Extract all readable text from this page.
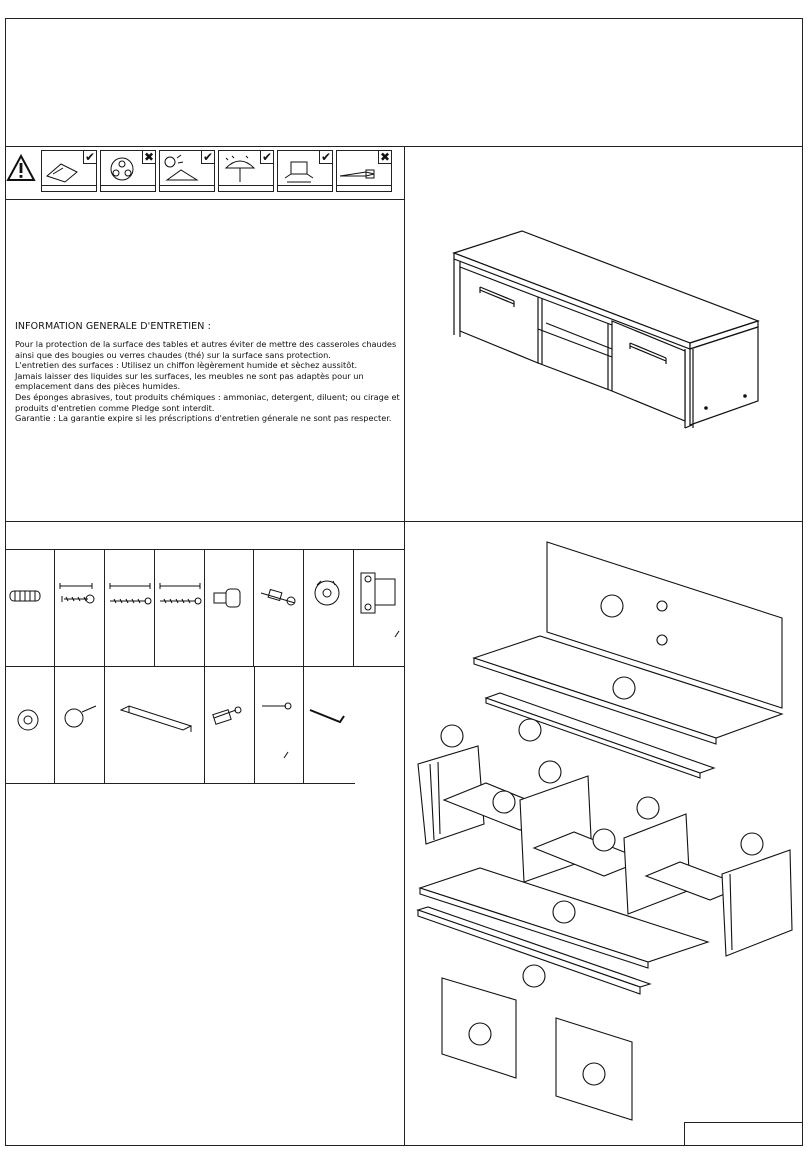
✔	✖	✔	✔	✔	✖

INFORMATION GENERALE D'ENTRETIEN :

Pour la protection de la surface des tables et autres éviter de mettre des casseroles chaudes

ainsi que des bougies ou verres chaudes (thé) sur la surface sans protection.

L'entretien des surfaces : Utilisez un chiffon lègèrement humide et sèchez aussitôt.

Jamais laisser des liquides sur les surfaces, les meubles ne sont pas adaptès pour un

emplacement dans des pièces humides.

Des éponges abrasives, tout produits chémiques : ammoniac, detergent, diluent; ou cirage et

produits d'entretien comme Pledge sont interdit.

Garantie : La garantie expire si les préscriptions d'entretien génerale ne sont pas respecter.
